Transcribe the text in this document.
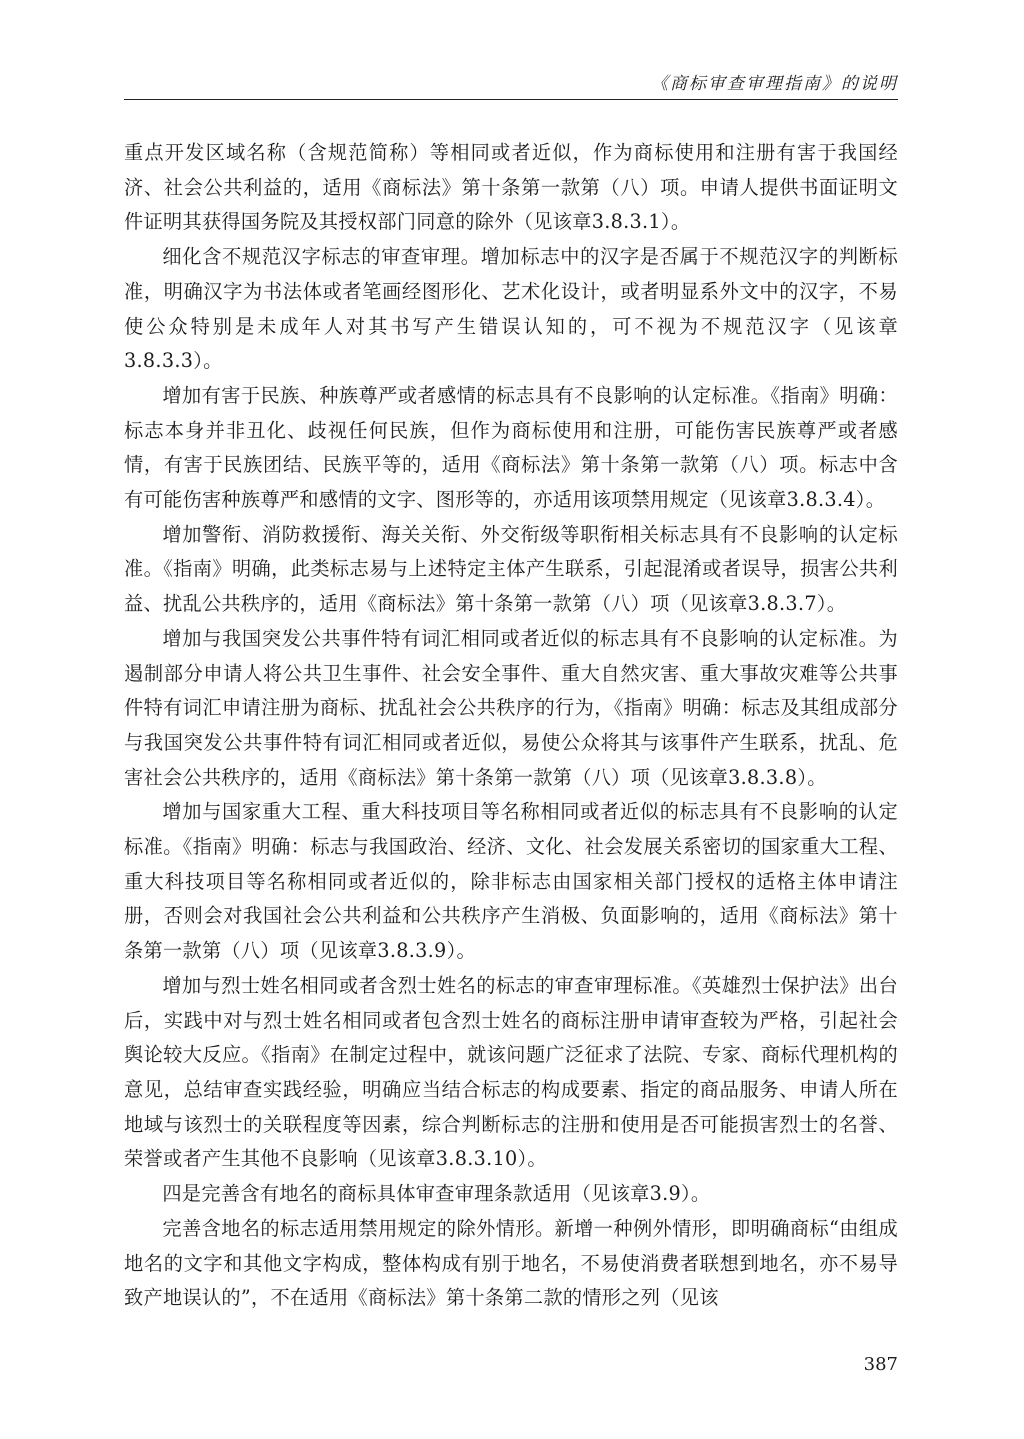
《商标审查审理指南》的说明

重点开发区域名称（含规范简称）等相同或者近似，作为商标使用和注册有害于我国经济、社会公共利益的，适用《商标法》第十条第一款第（八）项。申请人提供书面证明文件证明其获得国务院及其授权部门同意的除外（见该章3.8.3.1）。

细化含不规范汉字标志的审查审理。增加标志中的汉字是否属于不规范汉字的判断标准，明确汉字为书法体或者笔画经图形化、艺术化设计，或者明显系外文中的汉字，不易使公众特别是未成年人对其书写产生错误认知的，可不视为不规范汉字（见该章3.8.3.3）。

增加有害于民族、种族尊严或者感情的标志具有不良影响的认定标准。《指南》明确：标志本身并非丑化、歧视任何民族，但作为商标使用和注册，可能伤害民族尊严或者感情，有害于民族团结、民族平等的，适用《商标法》第十条第一款第（八）项。标志中含有可能伤害种族尊严和感情的文字、图形等的，亦适用该项禁用规定（见该章3.8.3.4）。

增加警衔、消防救援衔、海关关衔、外交衔级等职衔相关标志具有不良影响的认定标准。《指南》明确，此类标志易与上述特定主体产生联系，引起混淆或者误导，损害公共利益、扰乱公共秩序的，适用《商标法》第十条第一款第（八）项（见该章3.8.3.7）。

增加与我国突发公共事件特有词汇相同或者近似的标志具有不良影响的认定标准。为遏制部分申请人将公共卫生事件、社会安全事件、重大自然灾害、重大事故灾难等公共事件特有词汇申请注册为商标、扰乱社会公共秩序的行为，《指南》明确：标志及其组成部分与我国突发公共事件特有词汇相同或者近似，易使公众将其与该事件产生联系，扰乱、危害社会公共秩序的，适用《商标法》第十条第一款第（八）项（见该章3.8.3.8）。

增加与国家重大工程、重大科技项目等名称相同或者近似的标志具有不良影响的认定标准。《指南》明确：标志与我国政治、经济、文化、社会发展关系密切的国家重大工程、重大科技项目等名称相同或者近似的，除非标志由国家相关部门授权的适格主体申请注册，否则会对我国社会公共利益和公共秩序产生消极、负面影响的，适用《商标法》第十条第一款第（八）项（见该章3.8.3.9）。

增加与烈士姓名相同或者含烈士姓名的标志的审查审理标准。《英雄烈士保护法》出台后，实践中对与烈士姓名相同或者包含烈士姓名的商标注册申请审查较为严格，引起社会舆论较大反应。《指南》在制定过程中，就该问题广泛征求了法院、专家、商标代理机构的意见，总结审查实践经验，明确应当结合标志的构成要素、指定的商品服务、申请人所在地域与该烈士的关联程度等因素，综合判断标志的注册和使用是否可能损害烈士的名誉、荣誉或者产生其他不良影响（见该章3.8.3.10）。

四是完善含有地名的商标具体审查审理条款适用（见该章3.9）。

完善含地名的标志适用禁用规定的除外情形。新增一种例外情形，即明确商标“由组成地名的文字和其他文字构成，整体构成有别于地名，不易使消费者联想到地名，亦不易导致产地误认的”，不在适用《商标法》第十条第二款的情形之列（见该

387
